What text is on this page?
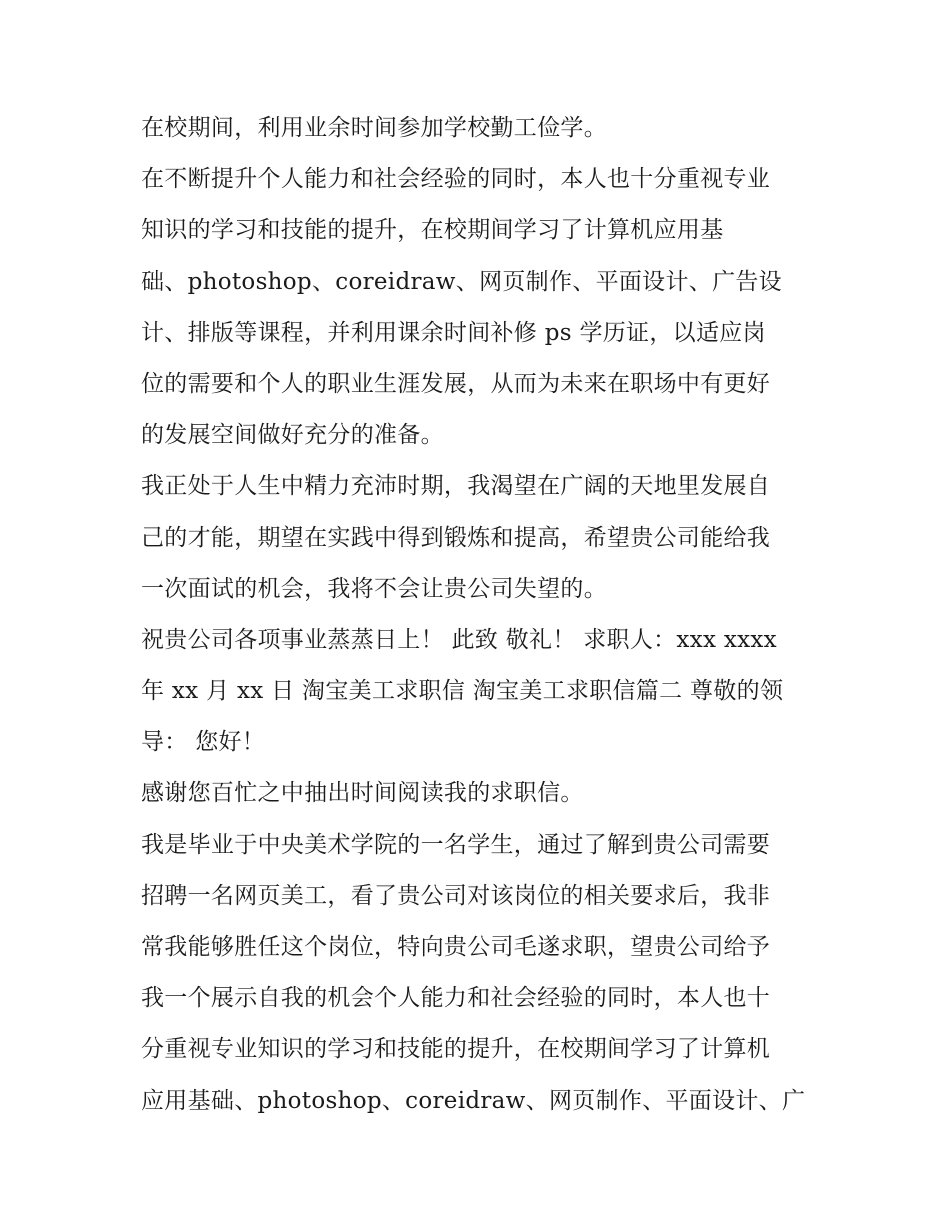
在校期间，利用业余时间参加学校勤工俭学。
在不断提升个人能力和社会经验的同时，本人也十分重视专业
知识的学习和技能的提升，在校期间学习了计算机应用基
础、photoshop、coreidraw、网页制作、平面设计、广告设
计、排版等课程，并利用课余时间补修 ps 学历证，以适应岗
位的需要和个人的职业生涯发展，从而为未来在职场中有更好
的发展空间做好充分的准备。
我正处于人生中精力充沛时期，我渴望在广阔的天地里发展自
己的才能，期望在实践中得到锻炼和提高，希望贵公司能给我
一次面试的机会，我将不会让贵公司失望的。
祝贵公司各项事业蒸蒸日上！ 此致 敬礼！ 求职人：xxx xxxx
年 xx 月 xx 日 淘宝美工求职信 淘宝美工求职信篇二 尊敬的领
导： 您好！
感谢您百忙之中抽出时间阅读我的求职信。
我是毕业于中央美术学院的一名学生，通过了解到贵公司需要
招聘一名网页美工，看了贵公司对该岗位的相关要求后，我非
常我能够胜任这个岗位，特向贵公司毛遂求职，望贵公司给予
我一个展示自我的机会个人能力和社会经验的同时，本人也十
分重视专业知识的学习和技能的提升，在校期间学习了计算机
应用基础、photoshop、coreidraw、网页制作、平面设计、广
